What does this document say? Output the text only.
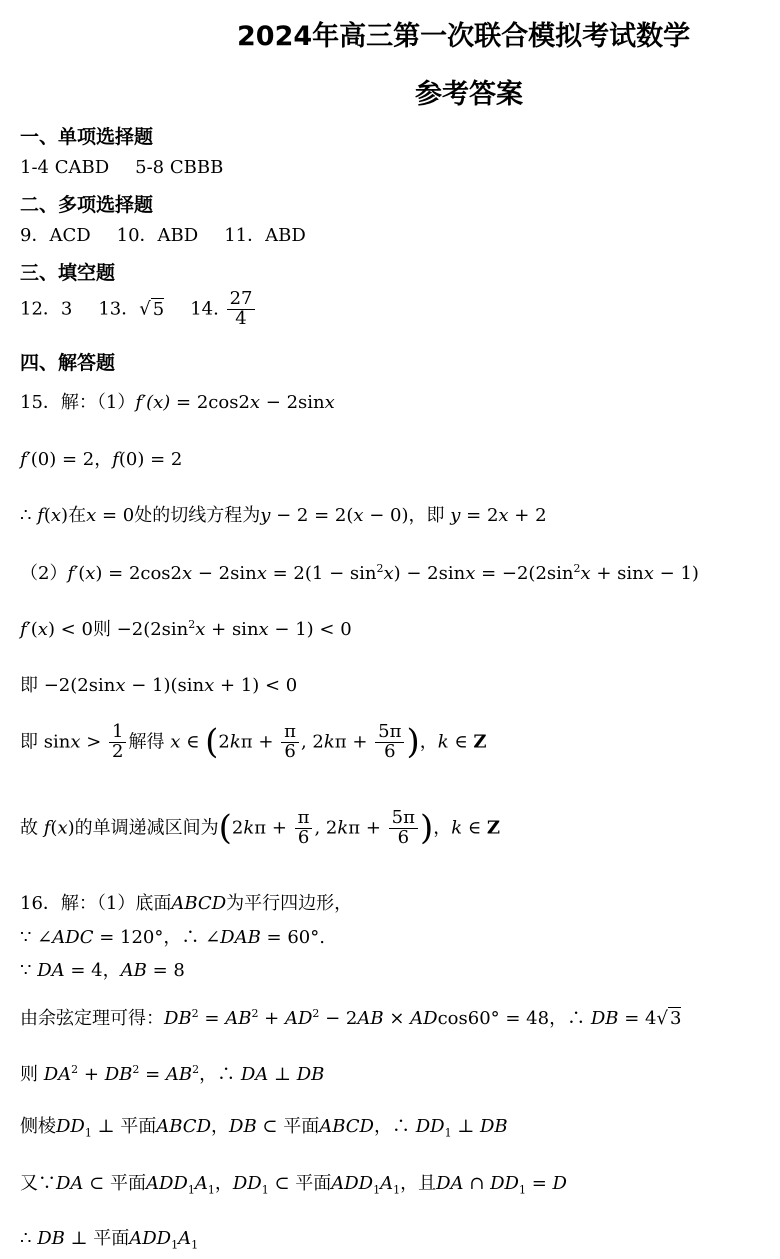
2024年高三第一次联合模拟考试数学
参考答案
一、单项选择题
1-4 CABD 5-8 CBBB
二、多项选择题
9．ACD 10．ABD 11．ABD
三、填空题
12．3 13．√ 5 14. $\frac{27}{4}$
四、解答题
15．解：（1）f′(x) = 2cos2x − 2sinx
f′(0) = 2，f(0) = 2
∴ f(x)在x = 0处的切线方程为y − 2 = 2(x − 0)，即 y = 2x + 2
$(2)f'(x) = 2\cos 2x - 2\sin x = 2(1 - \sin^2x) - 2\sin x = -2(2\sin^2x + \sin x - 1)$
f′(x) < 0则 $-2(2\sin^2x + \sin x - 1) < 0$
即 −2(2sinx − 1)(sinx + 1) < 0
即 $\sin x > \frac{1}{2}$ 解得 x ∈ ($2k\pi + \frac{\pi}{6}$ , $2k\pi + \frac{5\pi}{6}$ )，k ∈ Z
故 f(x)的单调递减区间为($2k\pi + \frac{\pi}{6}$ , $2k\pi + \frac{5\pi}{6}$ )，k ∈ Z
16．解：（1）底面ABCD为平行四边形，
∵ ∠ADC = 120°，∴ ∠DAB = 60°.
∵ DA = 4，AB = 8
由余弦定理可得：$DB^2 = AB^2 + AD^2 - 2AB \times ADcos60^\circ = 48$，∴ DB = 4√ 3
则 $DA^2 + DB^2 = AB^2$，∴ DA ⊥ DB
侧棱$DD_1$ ⊥ 平面ABCD，DB ⊂ 平面ABCD，∴ $DD_1$ ⊥ DB
又∵DA ⊂ 平面$ADD_1A_1$，$DD_1$ ⊂ 平面$ADD_1A_1$，且DA ∩ $DD_1 = D$
∴ DB ⊥ 平面$ADD_1A_1$
